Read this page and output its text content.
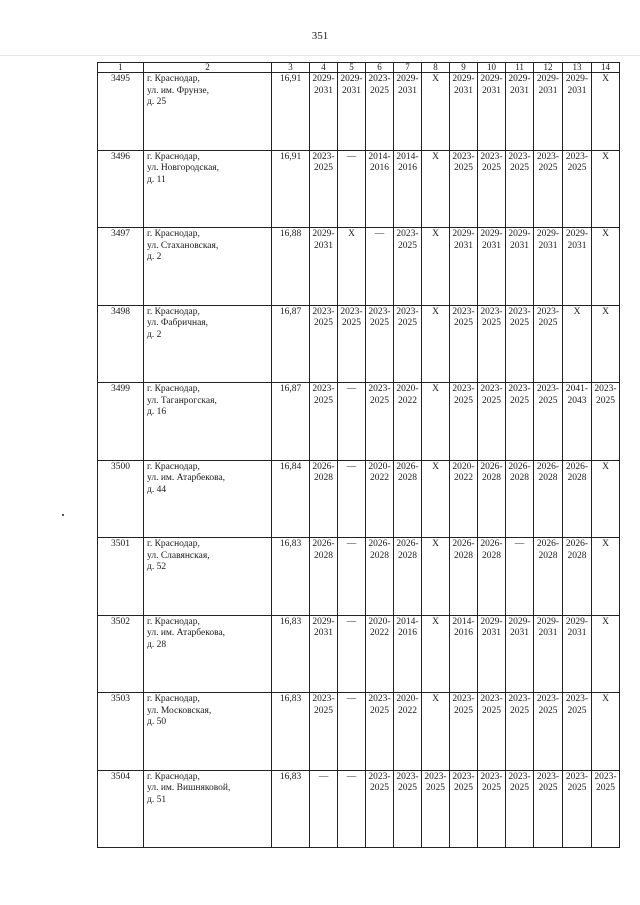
351
1	2	3	4	5	6	7	8	9	10	11	12	13	14
3495	г. Краснодар,
ул. им. Фрунзе,
д. 25	16,91	2029-2031	2029-2031	2023-2025	2029-2031	X	2029-2031	2029-2031	2029-2031	2029-2031	2029-2031	X
3496	г. Краснодар,
ул. Новгородская,
д. 11	16,91	2023-2025	—	2014-2016	2014-2016	X	2023-2025	2023-2025	2023-2025	2023-2025	2023-2025	X
3497	г. Краснодар,
ул. Стахановская,
д. 2	16,88	2029-2031	X	—	2023-2025	X	2029-2031	2029-2031	2029-2031	2029-2031	2029-2031	X
3498	г. Краснодар,
ул. Фабричная,
д. 2	16,87	2023-2025	2023-2025	2023-2025	2023-2025	X	2023-2025	2023-2025	2023-2025	2023-2025	X	X
3499	г. Краснодар,
ул. Таганрогская,
д. 16	16,87	2023-2025	—	2023-2025	2020-2022	X	2023-2025	2023-2025	2023-2025	2023-2025	2041-2043	2023-2025
3500	г. Краснодар,
ул. им. Атарбекова,
д. 44	16,84	2026-2028	—	2020-2022	2026-2028	X	2020-2022	2026-2028	2026-2028	2026-2028	2026-2028	X
3501	г. Краснодар,
ул. Славянская,
д. 52	16,83	2026-2028	—	2026-2028	2026-2028	X	2026-2028	2026-2028	—	2026-2028	2026-2028	X
3502	г. Краснодар,
ул. им. Атарбекова,
д. 28	16,83	2029-2031	—	2020-2022	2014-2016	X	2014-2016	2029-2031	2029-2031	2029-2031	2029-2031	X
3503	г. Краснодар,
ул. Московская,
д. 50	16,83	2023-2025	—	2023-2025	2020-2022	X	2023-2025	2023-2025	2023-2025	2023-2025	2023-2025	X
3504	г. Краснодар,
ул. им. Вишняковой,
д. 51	16,83	—	—	2023-2025	2023-2025	2023-2025	2023-2025	2023-2025	2023-2025	2023-2025	2023-2025	2023-2025
